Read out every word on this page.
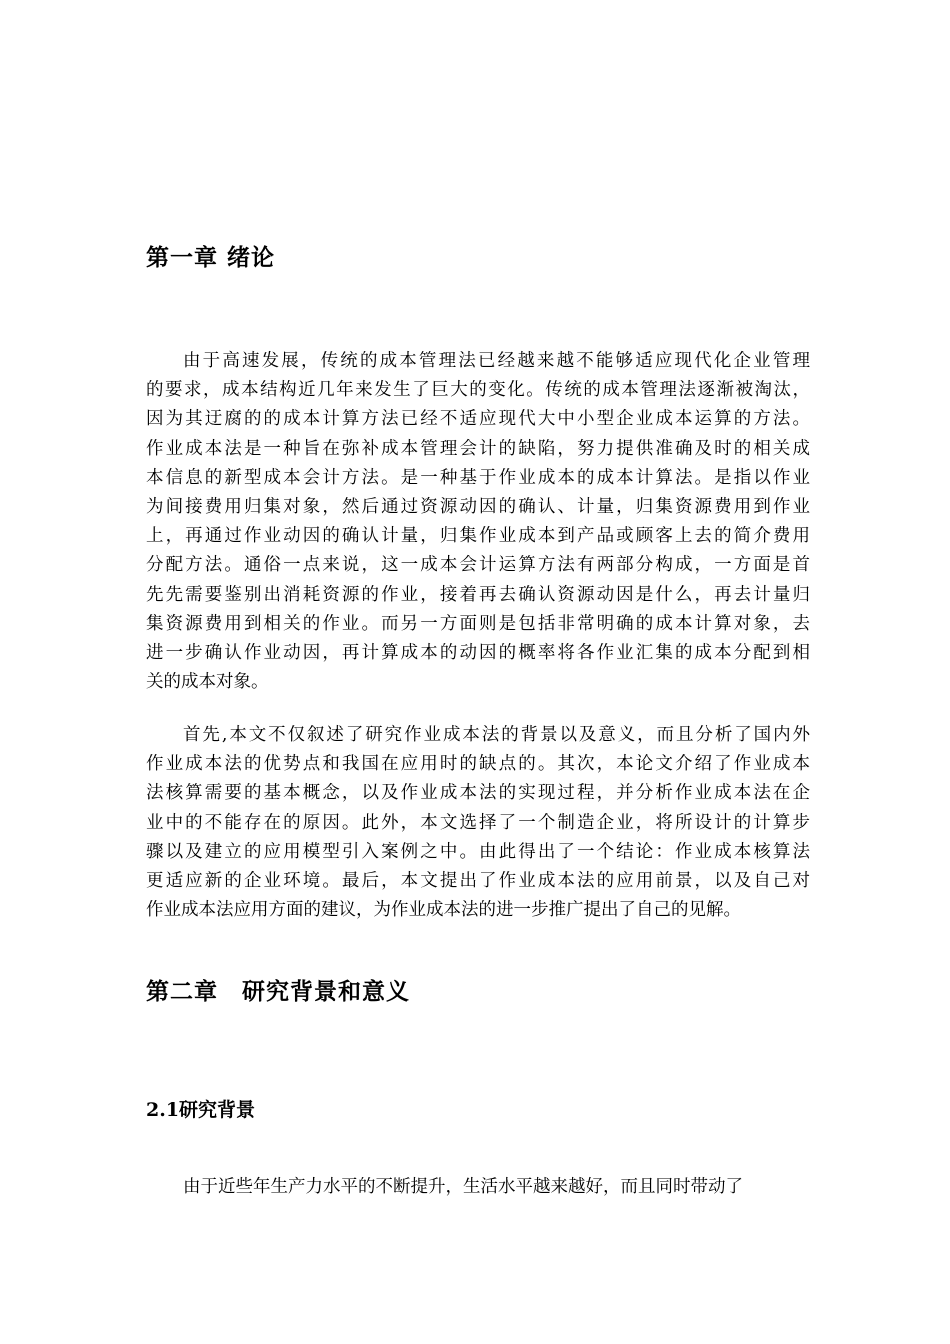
第一章 绪论
由于高速发展，传统的成本管理法已经越来越不能够适应现代化企业管理
的要求，成本结构近几年来发生了巨大的变化。传统的成本管理法逐渐被淘汰，
因为其迂腐的的成本计算方法已经不适应现代大中小型企业成本运算的方法。
作业成本法是一种旨在弥补成本管理会计的缺陷，努力提供准确及时的相关成
本信息的新型成本会计方法。是一种基于作业成本的成本计算法。是指以作业
为间接费用归集对象，然后通过资源动因的确认、计量，归集资源费用到作业
上，再通过作业动因的确认计量，归集作业成本到产品或顾客上去的简介费用
分配方法。通俗一点来说，这一成本会计运算方法有两部分构成，一方面是首
先先需要鉴别出消耗资源的作业，接着再去确认资源动因是什么，再去计量归
集资源费用到相关的作业。而另一方面则是包括非常明确的成本计算对象，去
进一步确认作业动因，再计算成本的动因的概率将各作业汇集的成本分配到相
关的成本对象。
首先,本文不仅叙述了研究作业成本法的背景以及意义，而且分析了国内外
作业成本法的优势点和我国在应用时的缺点的。其次，本论文介绍了作业成本
法核算需要的基本概念，以及作业成本法的实现过程，并分析作业成本法在企
业中的不能存在的原因。此外，本文选择了一个制造企业，将所设计的计算步
骤以及建立的应用模型引入案例之中。由此得出了一个结论：作业成本核算法
更适应新的企业环境。最后，本文提出了作业成本法的应用前景，以及自己对
作业成本法应用方面的建议，为作业成本法的进一步推广提出了自己的见解。
第二章　研究背景和意义
2.1研究背景
由于近些年生产力水平的不断提升，生活水平越来越好，而且同时带动了
